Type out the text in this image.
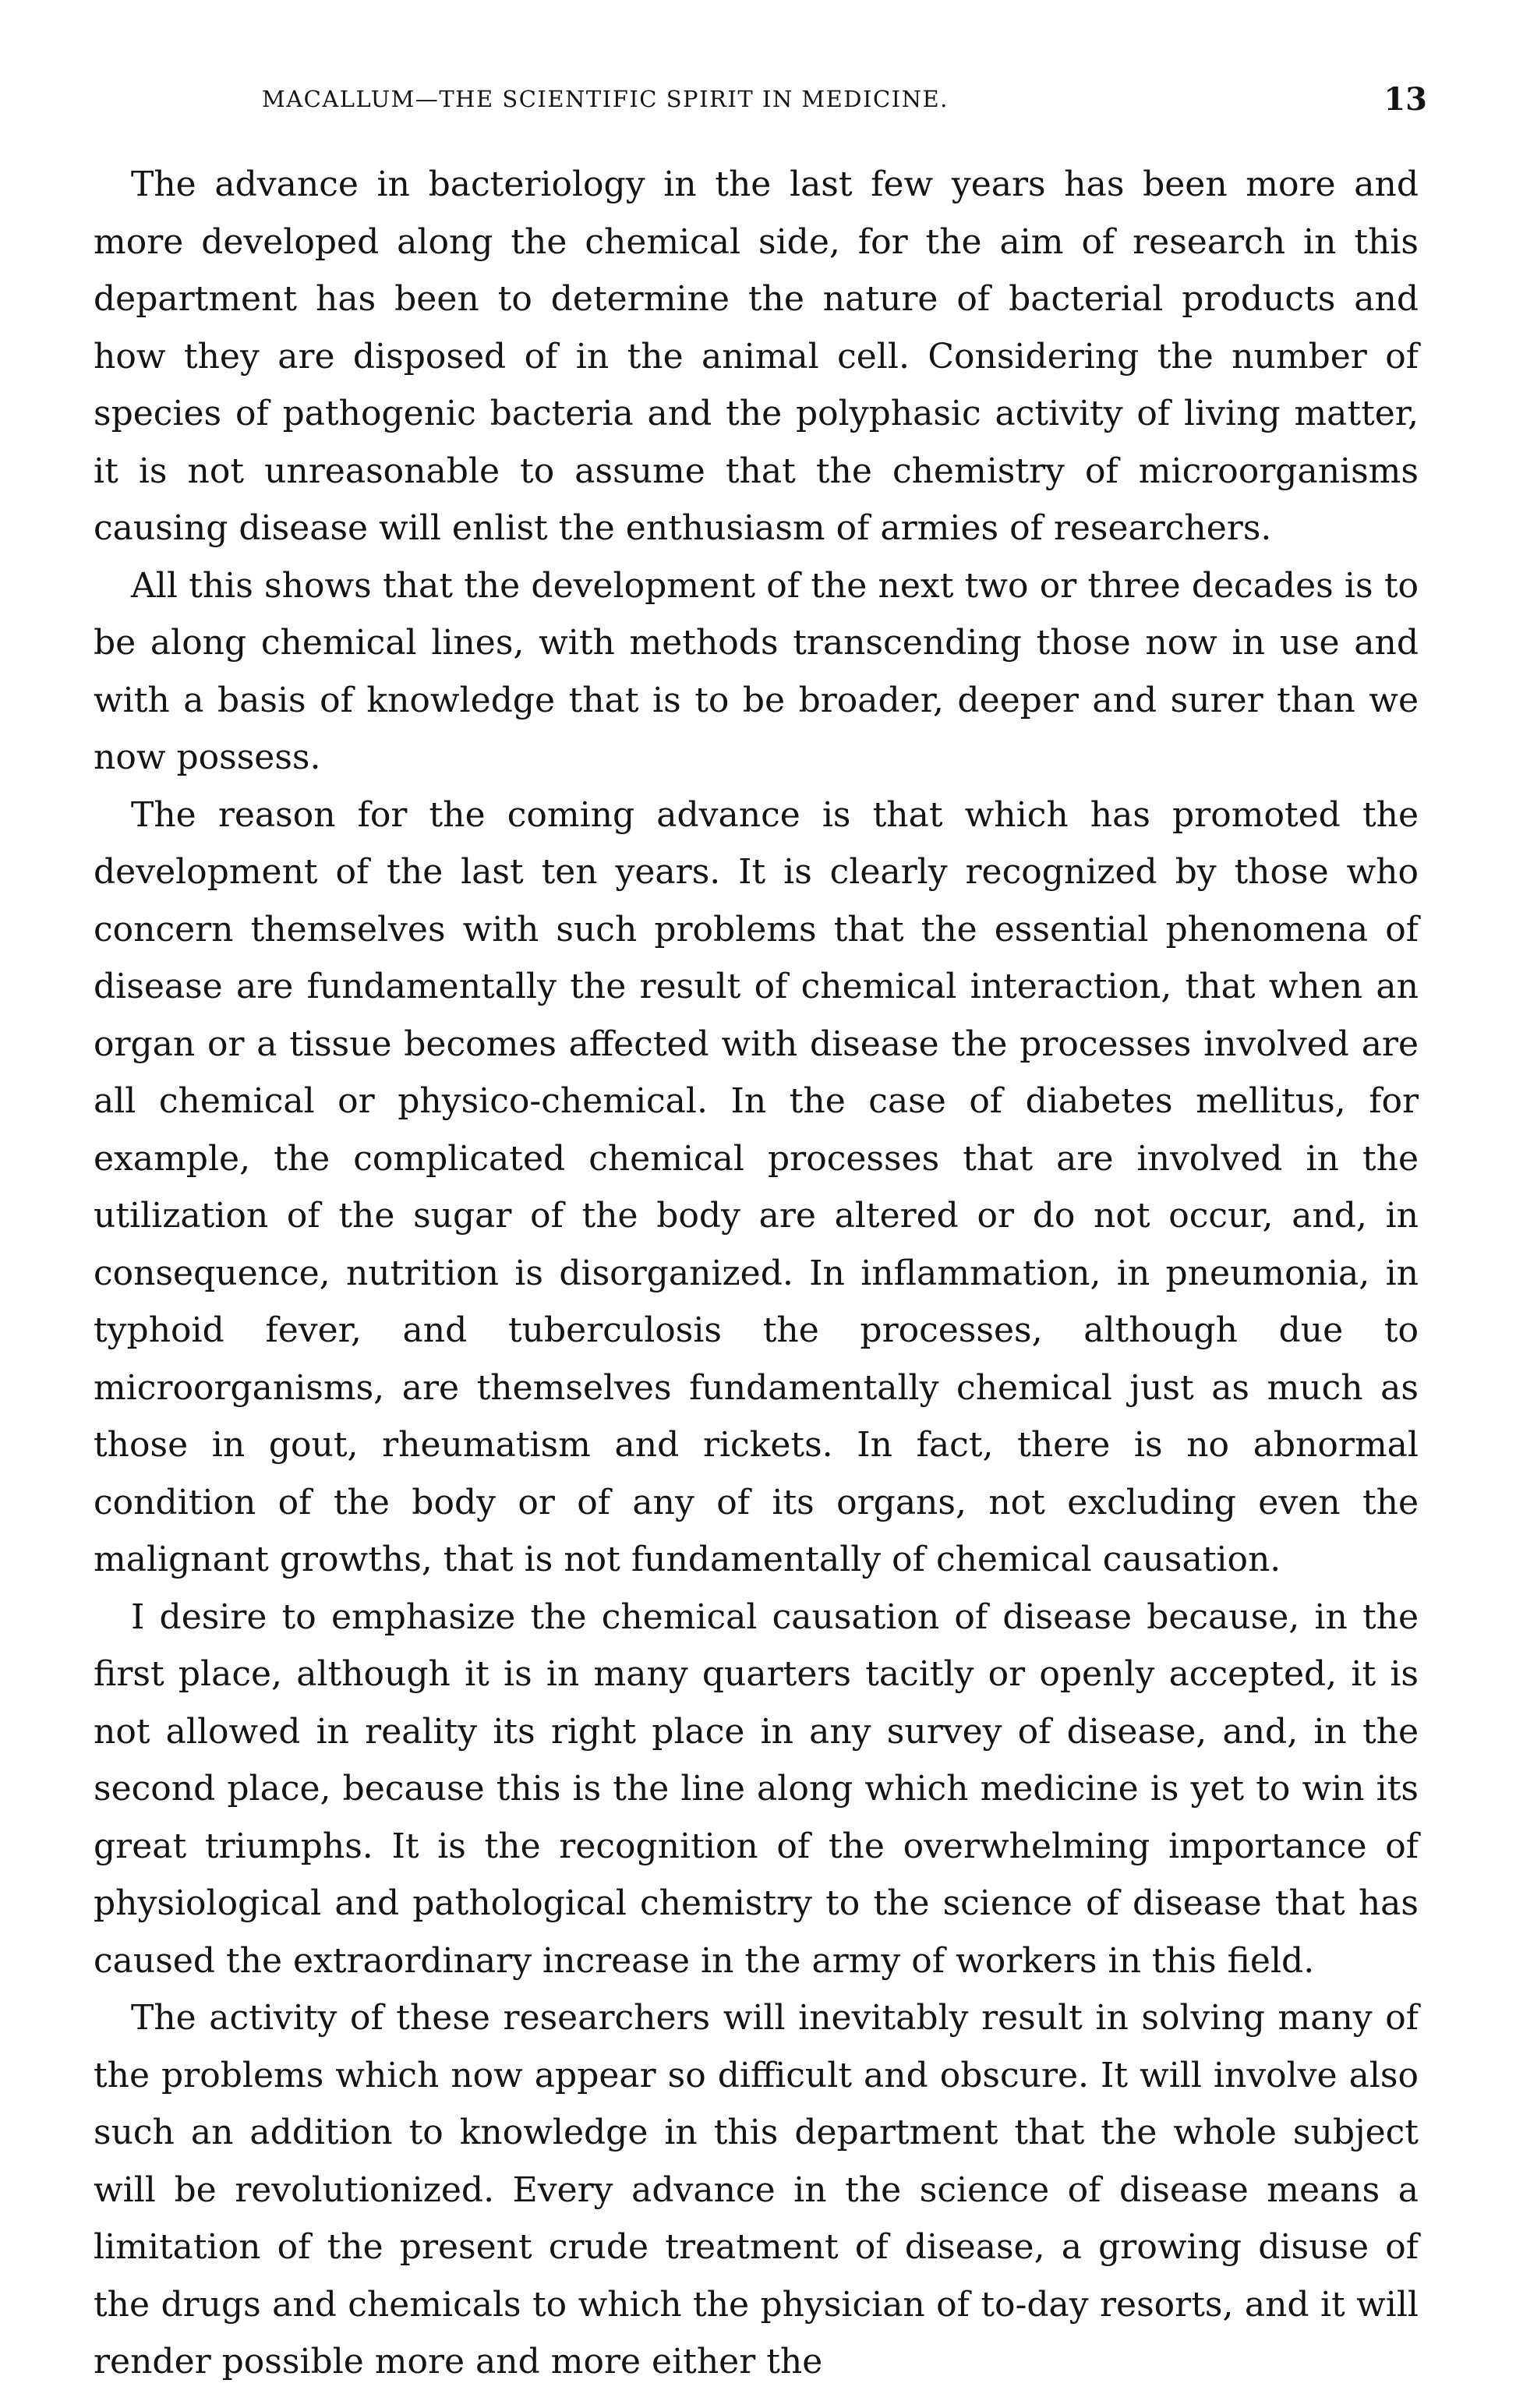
MACALLUM—THE SCIENTIFIC SPIRIT IN MEDICINE.	13

The advance in bacteriology in the last few years has been more and more developed along the chemical side, for the aim of research in this department has been to determine the nature of bacterial products and how they are disposed of in the animal cell. Considering the number of species of pathogenic bacteria and the polyphasic activity of living matter, it is not unreasonable to assume that the chemistry of microorganisms causing disease will enlist the enthusiasm of armies of researchers.

All this shows that the development of the next two or three decades is to be along chemical lines, with methods transcending those now in use and with a basis of knowledge that is to be broader, deeper and surer than we now possess.

The reason for the coming advance is that which has promoted the development of the last ten years. It is clearly recognized by those who concern themselves with such problems that the essential phenomena of disease are fundamentally the result of chemical interaction, that when an organ or a tissue becomes affected with disease the processes involved are all chemical or physico-chemical. In the case of diabetes mellitus, for example, the complicated chemical processes that are involved in the utilization of the sugar of the body are altered or do not occur, and, in consequence, nutrition is disorganized. In inflammation, in pneumonia, in typhoid fever, and tuberculosis the processes, although due to microorganisms, are themselves fundamentally chemical just as much as those in gout, rheumatism and rickets. In fact, there is no abnormal condition of the body or of any of its organs, not excluding even the malignant growths, that is not fundamentally of chemical causation.

I desire to emphasize the chemical causation of disease because, in the first place, although it is in many quarters tacitly or openly accepted, it is not allowed in reality its right place in any survey of disease, and, in the second place, because this is the line along which medicine is yet to win its great triumphs. It is the recognition of the overwhelming importance of physiological and pathological chemistry to the science of disease that has caused the extraordinary increase in the army of workers in this field.

The activity of these researchers will inevitably result in solving many of the problems which now appear so difficult and obscure. It will involve also such an addition to knowledge in this department that the whole subject will be revolutionized. Every advance in the science of disease means a limitation of the present crude treatment of disease, a growing disuse of the drugs and chemicals to which the physician of to-day resorts, and it will render possible more and more either the
